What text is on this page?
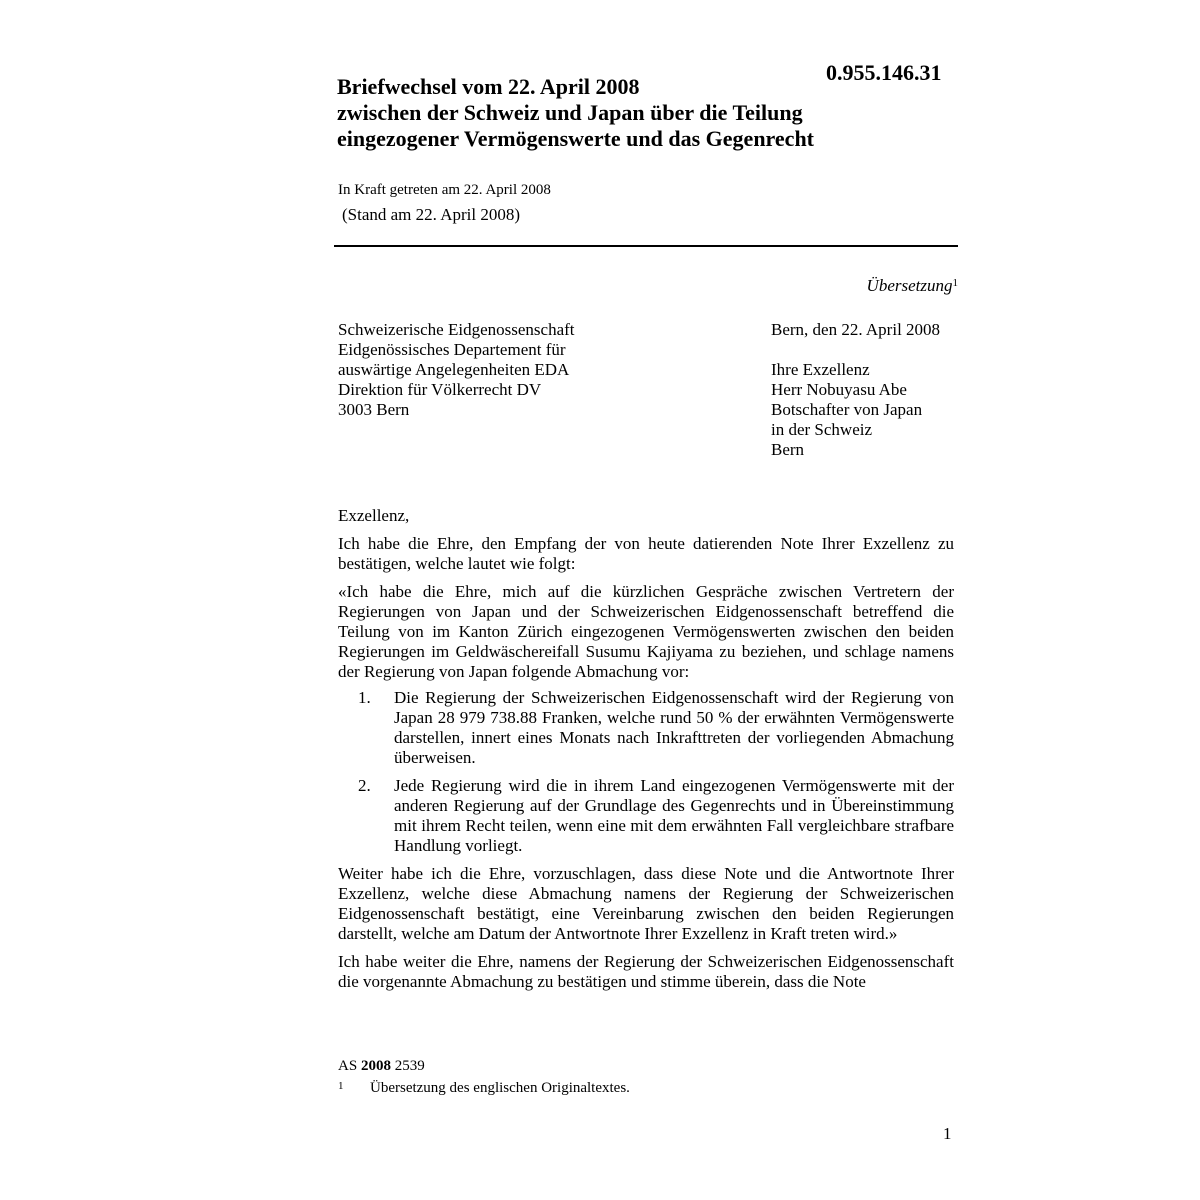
0.955.146.31
Briefwechsel vom 22. April 2008
zwischen der Schweiz und Japan über die Teilung
eingezogener Vermögenswerte und das Gegenrecht
In Kraft getreten am 22. April 2008
(Stand am 22. April 2008)
Übersetzung$^1$
Schweizerische Eidgenossenschaft
Eidgenössisches Departement für
auswärtige Angelegenheiten EDA
Direktion für Völkerrecht DV
3003 Bern
Bern, den 22. April 2008
Ihre Exzellenz
Herr Nobuyasu Abe
Botschafter von Japan
in der Schweiz
Bern

Exzellenz,

Ich habe die Ehre, den Empfang der von heute datierenden Note Ihrer Exzellenz zu bestätigen, welche lautet wie folgt:

«Ich habe die Ehre, mich auf die kürzlichen Gespräche zwischen Vertretern der Regierungen von Japan und der Schweizerischen Eidgenossenschaft betreffend die Teilung von im Kanton Zürich eingezogenen Vermögenswerten zwischen den beiden Regierungen im Geldwäschereifall Susumu Kajiyama zu beziehen, und schlage namens der Regierung von Japan folgende Abmachung vor:

1.	Die Regierung der Schweizerischen Eidgenossenschaft wird der Regierung von Japan 28 979 738.88 Franken, welche rund 50 % der erwähnten Vermögenswerte darstellen, innert eines Monats nach Inkrafttreten der vorliegenden Abmachung überweisen.
2.	Jede Regierung wird die in ihrem Land eingezogenen Vermögenswerte mit der anderen Regierung auf der Grundlage des Gegenrechts und in Übereinstimmung mit ihrem Recht teilen, wenn eine mit dem erwähnten Fall vergleichbare strafbare Handlung vorliegt.

Weiter habe ich die Ehre, vorzuschlagen, dass diese Note und die Antwortnote Ihrer Exzellenz, welche diese Abmachung namens der Regierung der Schweizerischen Eidgenossenschaft bestätigt, eine Vereinbarung zwischen den beiden Regierungen darstellt, welche am Datum der Antwortnote Ihrer Exzellenz in Kraft treten wird.»

Ich habe weiter die Ehre, namens der Regierung der Schweizerischen Eidgenossenschaft die vorgenannte Abmachung zu bestätigen und stimme überein, dass die Note

AS 2008 2539
1 Übersetzung des englischen Originaltextes.
1
